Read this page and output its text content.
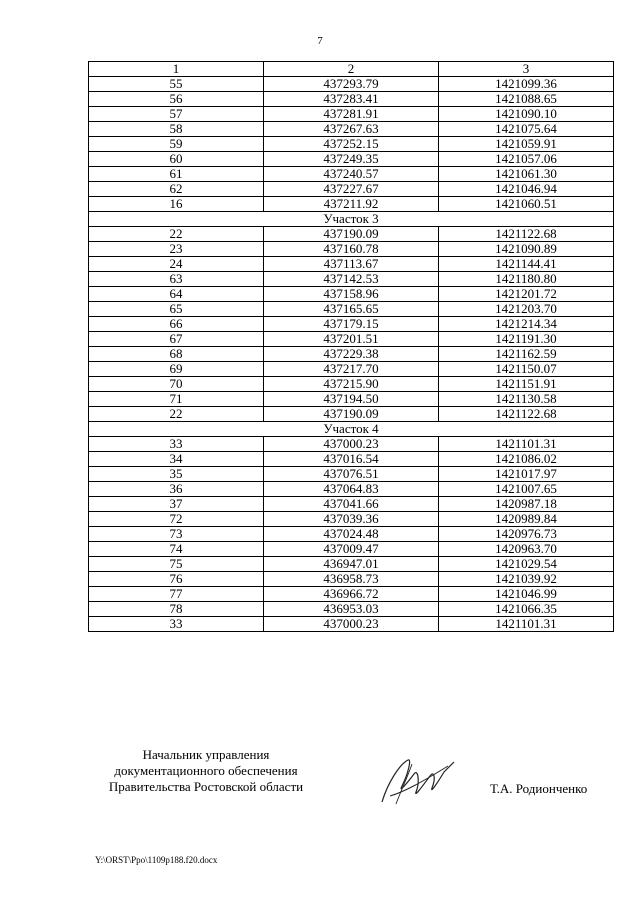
7
1	2	3
55	437293.79	1421099.36
56	437283.41	1421088.65
57	437281.91	1421090.10
58	437267.63	1421075.64
59	437252.15	1421059.91
60	437249.35	1421057.06
61	437240.57	1421061.30
62	437227.67	1421046.94
16	437211.92	1421060.51
Участок 3		
22	437190.09	1421122.68
23	437160.78	1421090.89
24	437113.67	1421144.41
63	437142.53	1421180.80
64	437158.96	1421201.72
65	437165.65	1421203.70
66	437179.15	1421214.34
67	437201.51	1421191.30
68	437229.38	1421162.59
69	437217.70	1421150.07
70	437215.90	1421151.91
71	437194.50	1421130.58
22	437190.09	1421122.68
Участок 4		
33	437000.23	1421101.31
34	437016.54	1421086.02
35	437076.51	1421017.97
36	437064.83	1421007.65
37	437041.66	1420987.18
72	437039.36	1420989.84
73	437024.48	1420976.73
74	437009.47	1420963.70
75	436947.01	1421029.54
76	436958.73	1421039.92
77	436966.72	1421046.99
78	436953.03	1421066.35
33	437000.23	1421101.31
Начальник управления
документационного обеспечения
Правительства Ростовской области	Т.А. Родионченко
Y:\ORST\Ppo\1109p188.f20.docx
